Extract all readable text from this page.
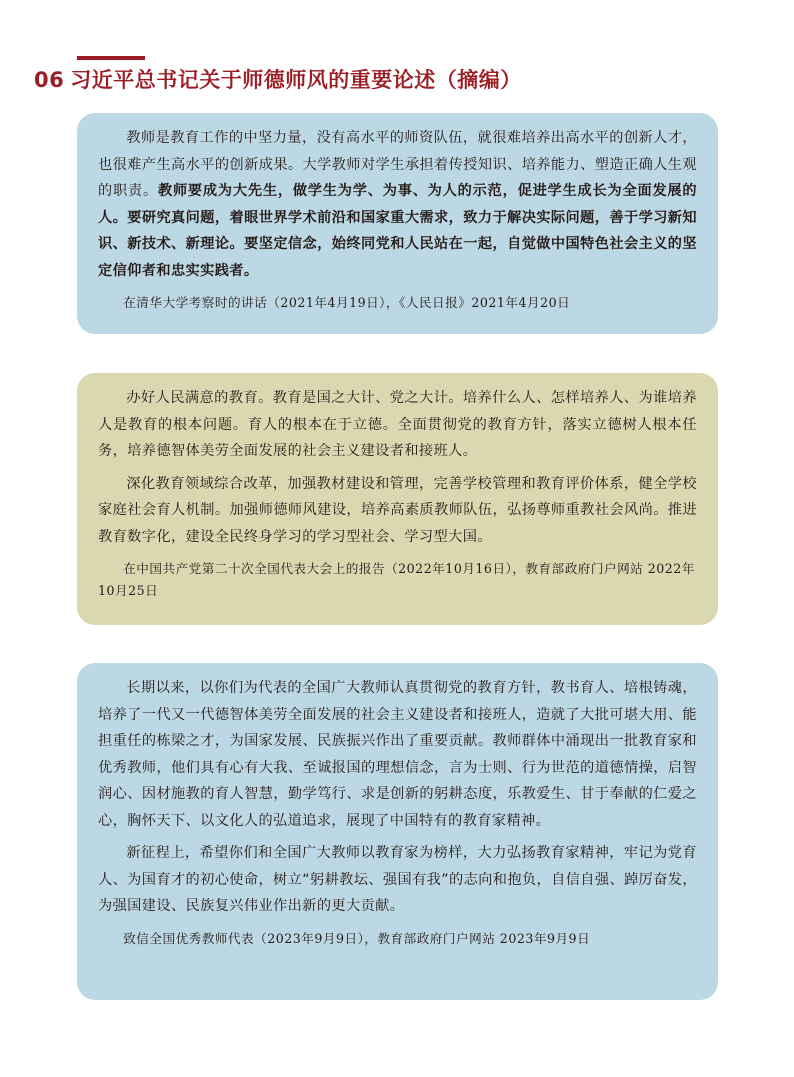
06 习近平总书记关于师德师风的重要论述（摘编）

教师是教育工作的中坚力量，没有高水平的师资队伍，就很难培养出高水平的创新人才，也很难产生高水平的创新成果。大学教师对学生承担着传授知识、培养能力、塑造正确人生观的职责。教师要成为大先生，做学生为学、为事、为人的示范，促进学生成长为全面发展的人。要研究真问题，着眼世界学术前沿和国家重大需求，致力于解决实际问题，善于学习新知识、新技术、新理论。要坚定信念，始终同党和人民站在一起，自觉做中国特色社会主义的坚定信仰者和忠实实践者。

在清华大学考察时的讲话（2021年4月19日），《人民日报》2021年4月20日

办好人民满意的教育。教育是国之大计、党之大计。培养什么人、怎样培养人、为谁培养人是教育的根本问题。育人的根本在于立德。全面贯彻党的教育方针，落实立德树人根本任务，培养德智体美劳全面发展的社会主义建设者和接班人。

深化教育领域综合改革，加强教材建设和管理，完善学校管理和教育评价体系，健全学校家庭社会育人机制。加强师德师风建设，培养高素质教师队伍，弘扬尊师重教社会风尚。推进教育数字化，建设全民终身学习的学习型社会、学习型大国。

在中国共产党第二十次全国代表大会上的报告（2022年10月16日），教育部政府门户网站 2022年10月25日

长期以来，以你们为代表的全国广大教师认真贯彻党的教育方针，教书育人、培根铸魂，培养了一代又一代德智体美劳全面发展的社会主义建设者和接班人，造就了大批可堪大用、能担重任的栋梁之才，为国家发展、民族振兴作出了重要贡献。教师群体中涌现出一批教育家和优秀教师，他们具有心有大我、至诚报国的理想信念，言为士则、行为世范的道德情操，启智润心、因材施教的育人智慧，勤学笃行、求是创新的躬耕态度，乐教爱生、甘于奉献的仁爱之心，胸怀天下、以文化人的弘道追求，展现了中国特有的教育家精神。

新征程上，希望你们和全国广大教师以教育家为榜样，大力弘扬教育家精神，牢记为党育人、为国育才的初心使命，树立“躬耕教坛、强国有我”的志向和抱负，自信自强、踔厉奋发，为强国建设、民族复兴伟业作出新的更大贡献。

致信全国优秀教师代表（2023年9月9日），教育部政府门户网站 2023年9月9日
